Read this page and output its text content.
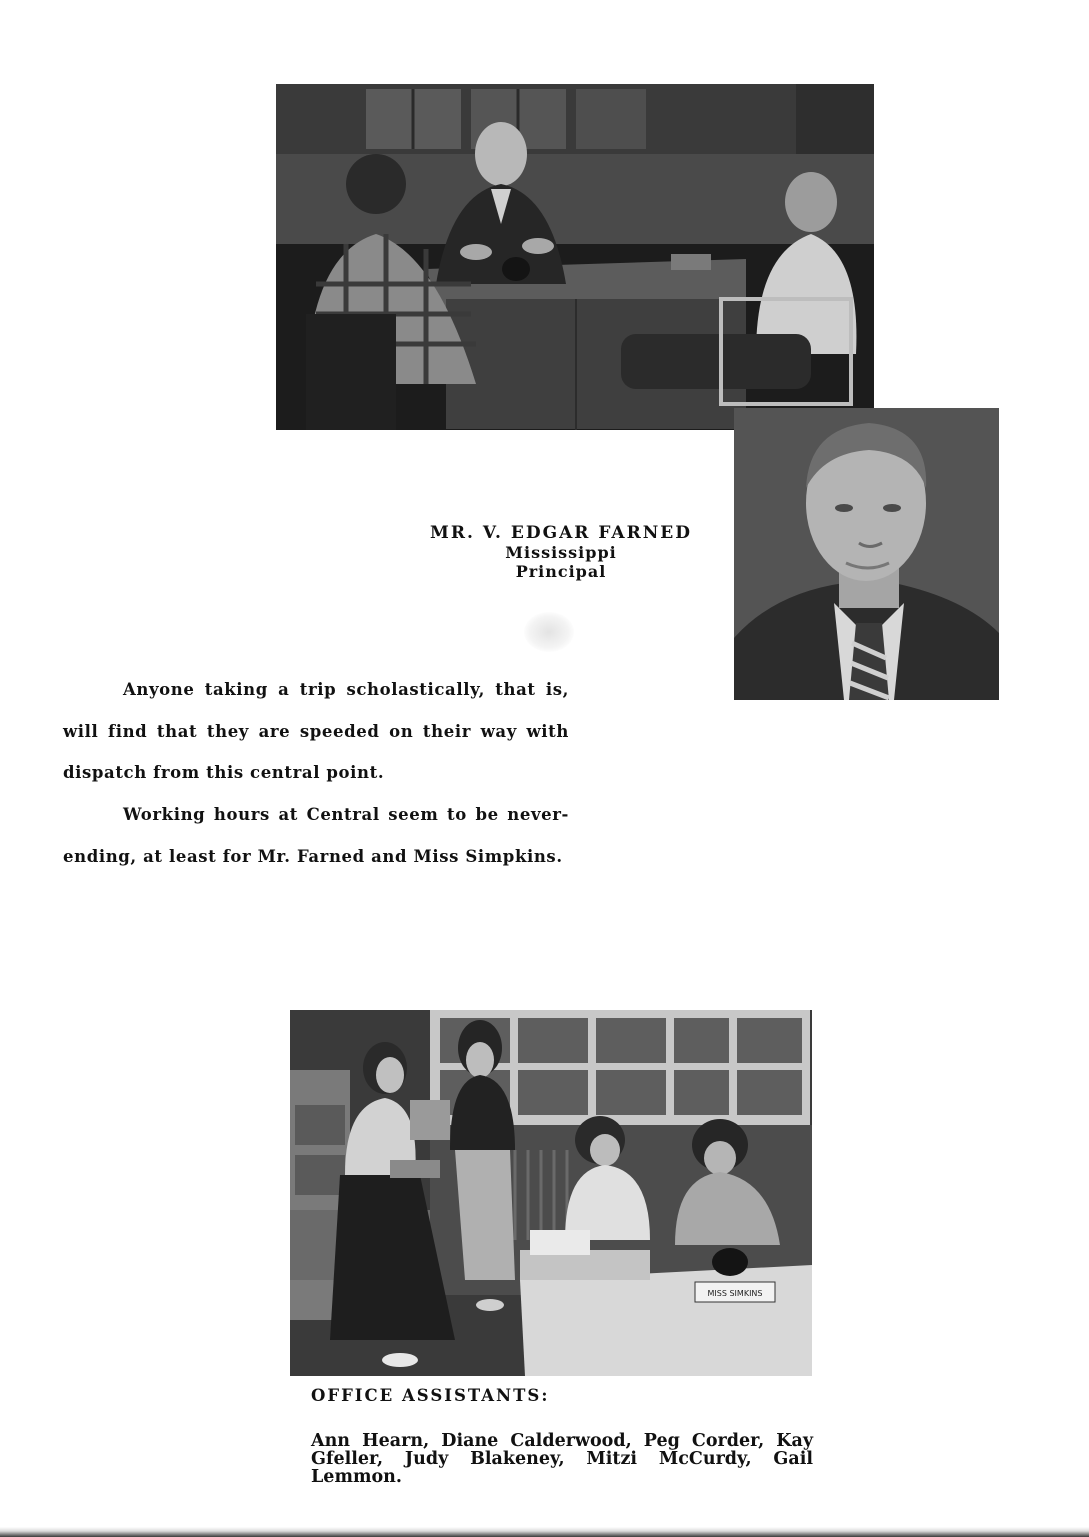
MR. V. EDGAR FARNED
Mississippi
Principal

Anyone taking a trip scholastically, that is, will find that they are speeded on their way with dispatch from this central point.

Working hours at Central seem to be never-ending, at least for Mr. Farned and Miss Simpkins.

MISS SIMKINS
OFFICE ASSISTANTS:

Ann Hearn, Diane Calderwood, Peg Corder, Kay Gfeller, Judy Blakeney, Mitzi McCurdy, Gail Lemmon.
